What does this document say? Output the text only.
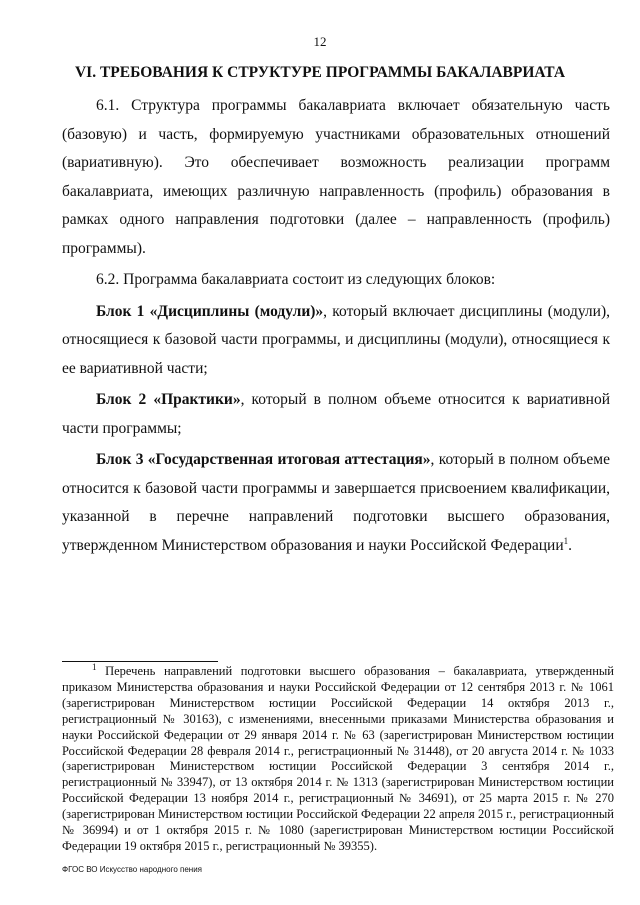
12
VI. ТРЕБОВАНИЯ К СТРУКТУРЕ ПРОГРАММЫ БАКАЛАВРИАТА

6.1. Структура программы бакалавриата включает обязательную часть (базовую) и часть, формируемую участниками образовательных отношений (вариативную). Это обеспечивает возможность реализации программ бакалавриата, имеющих различную направленность (профиль) образования в рамках одного направления подготовки (далее – направленность (профиль) программы).

6.2. Программа бакалавриата состоит из следующих блоков:

Блок 1 «Дисциплины (модули)», который включает дисциплины (модули), относящиеся к базовой части программы, и дисциплины (модули), относящиеся к ее вариативной части;

Блок 2 «Практики», который в полном объеме относится к вариативной части программы;

Блок 3 «Государственная итоговая аттестация», который в полном объеме относится к базовой части программы и завершается присвоением квалификации, указанной в перечне направлений подготовки высшего образования, утвержденном Министерством образования и науки Российской Федерации$^1$.

$^1$ Перечень направлений подготовки высшего образования – бакалавриата, утвержденный приказом Министерства образования и науки Российской Федерации от 12 сентября 2013 г. № 1061 (зарегистрирован Министерством юстиции Российской Федерации 14 октября 2013 г., регистрационный № 30163), с изменениями, внесенными приказами Министерства образования и науки Российской Федерации от 29 января 2014 г. № 63 (зарегистрирован Министерством юстиции Российской Федерации 28 февраля 2014 г., регистрационный № 31448), от 20 августа 2014 г. № 1033 (зарегистрирован Министерством юстиции Российской Федерации 3 сентября 2014 г., регистрационный № 33947), от 13 октября 2014 г. № 1313 (зарегистрирован Министерством юстиции Российской Федерации 13 ноября 2014 г., регистрационный № 34691), от 25 марта 2015 г. № 270 (зарегистрирован Министерством юстиции Российской Федерации 22 апреля 2015 г., регистрационный № 36994) и от 1 октября 2015 г. № 1080 (зарегистрирован Министерством юстиции Российской Федерации 19 октября 2015 г., регистрационный № 39355).

ФГОС ВО Искусство народного пения
